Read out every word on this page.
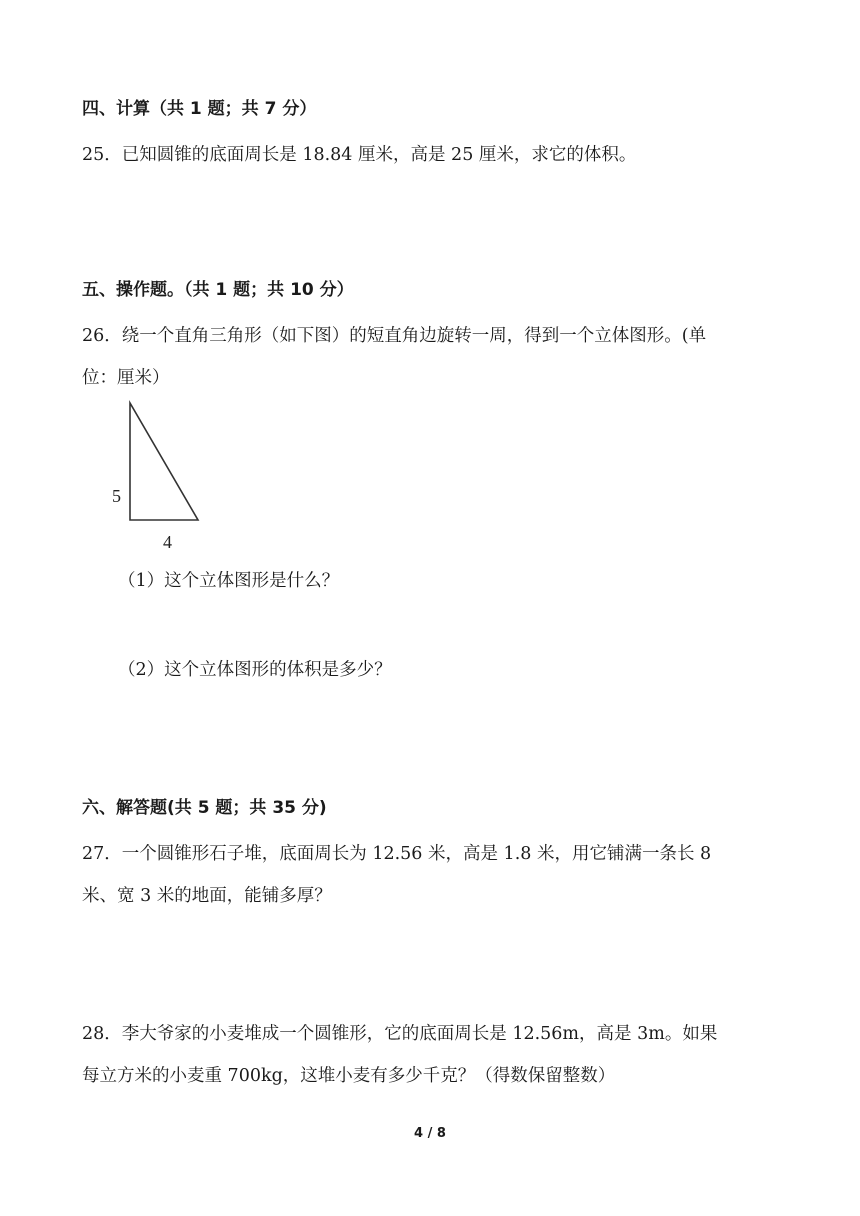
四、计算（共 1 题；共 7 分）
25．已知圆锥的底面周长是 18.84 厘米，高是 25 厘米，求它的体积。
五、操作题。（共 1 题；共 10 分）
26．绕一个直角三角形（如下图）的短直角边旋转一周，得到一个立体图形。(单
位：厘米）
5
4
（1）这个立体图形是什么？
（2）这个立体图形的体积是多少？
六、解答题(共 5 题；共 35 分)
27．一个圆锥形石子堆，底面周长为 12.56 米，高是 1.8 米，用它铺满一条长 8
米、宽 3 米的地面，能铺多厚？
28．李大爷家的小麦堆成一个圆锥形，它的底面周长是 12.56m，高是 3m。如果
每立方米的小麦重 700kg，这堆小麦有多少千克？（得数保留整数）
4 / 8
